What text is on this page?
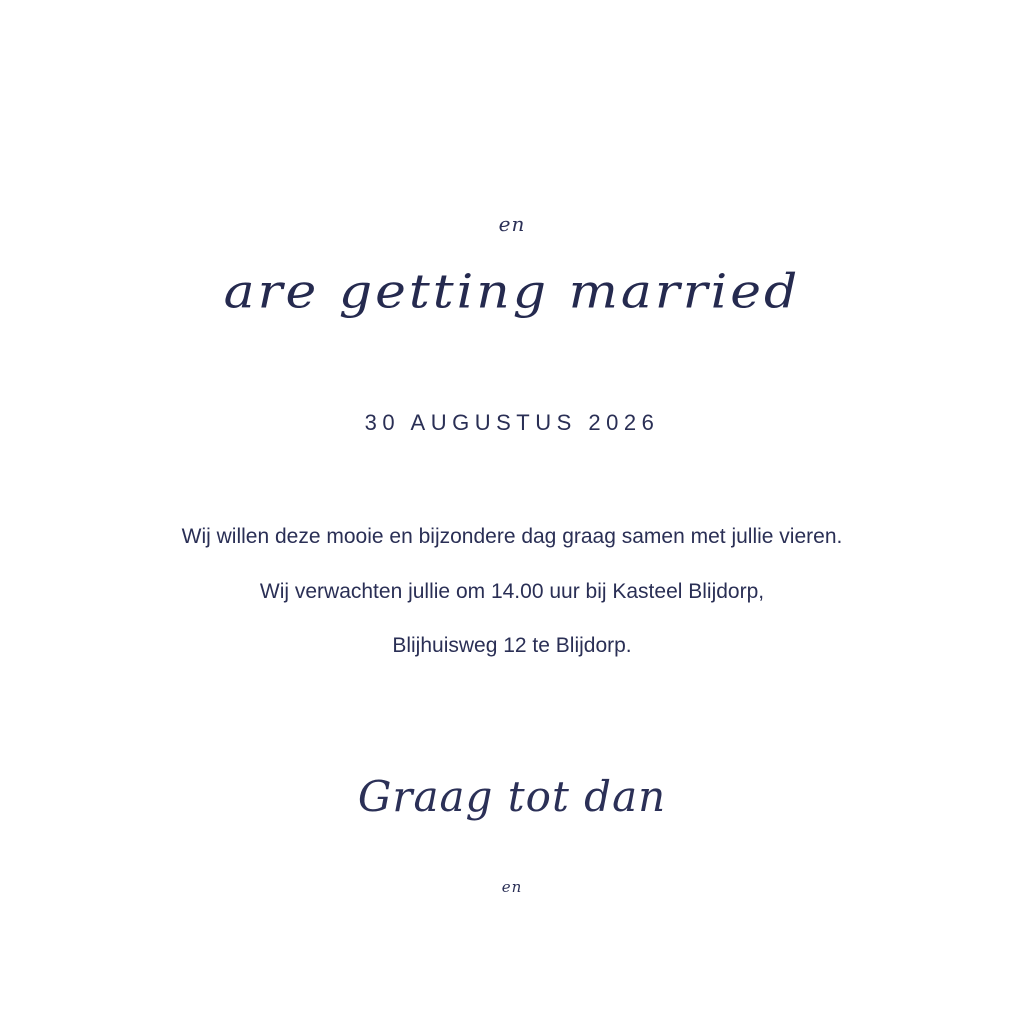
en
are getting married
30 AUGUSTUS 2026
Wij willen deze mooie en bijzondere dag graag samen met jullie vieren.
Wij verwachten jullie om 14.00 uur bij Kasteel Blijdorp,
Blijhuisweg 12 te Blijdorp.
Graag tot dan
en
